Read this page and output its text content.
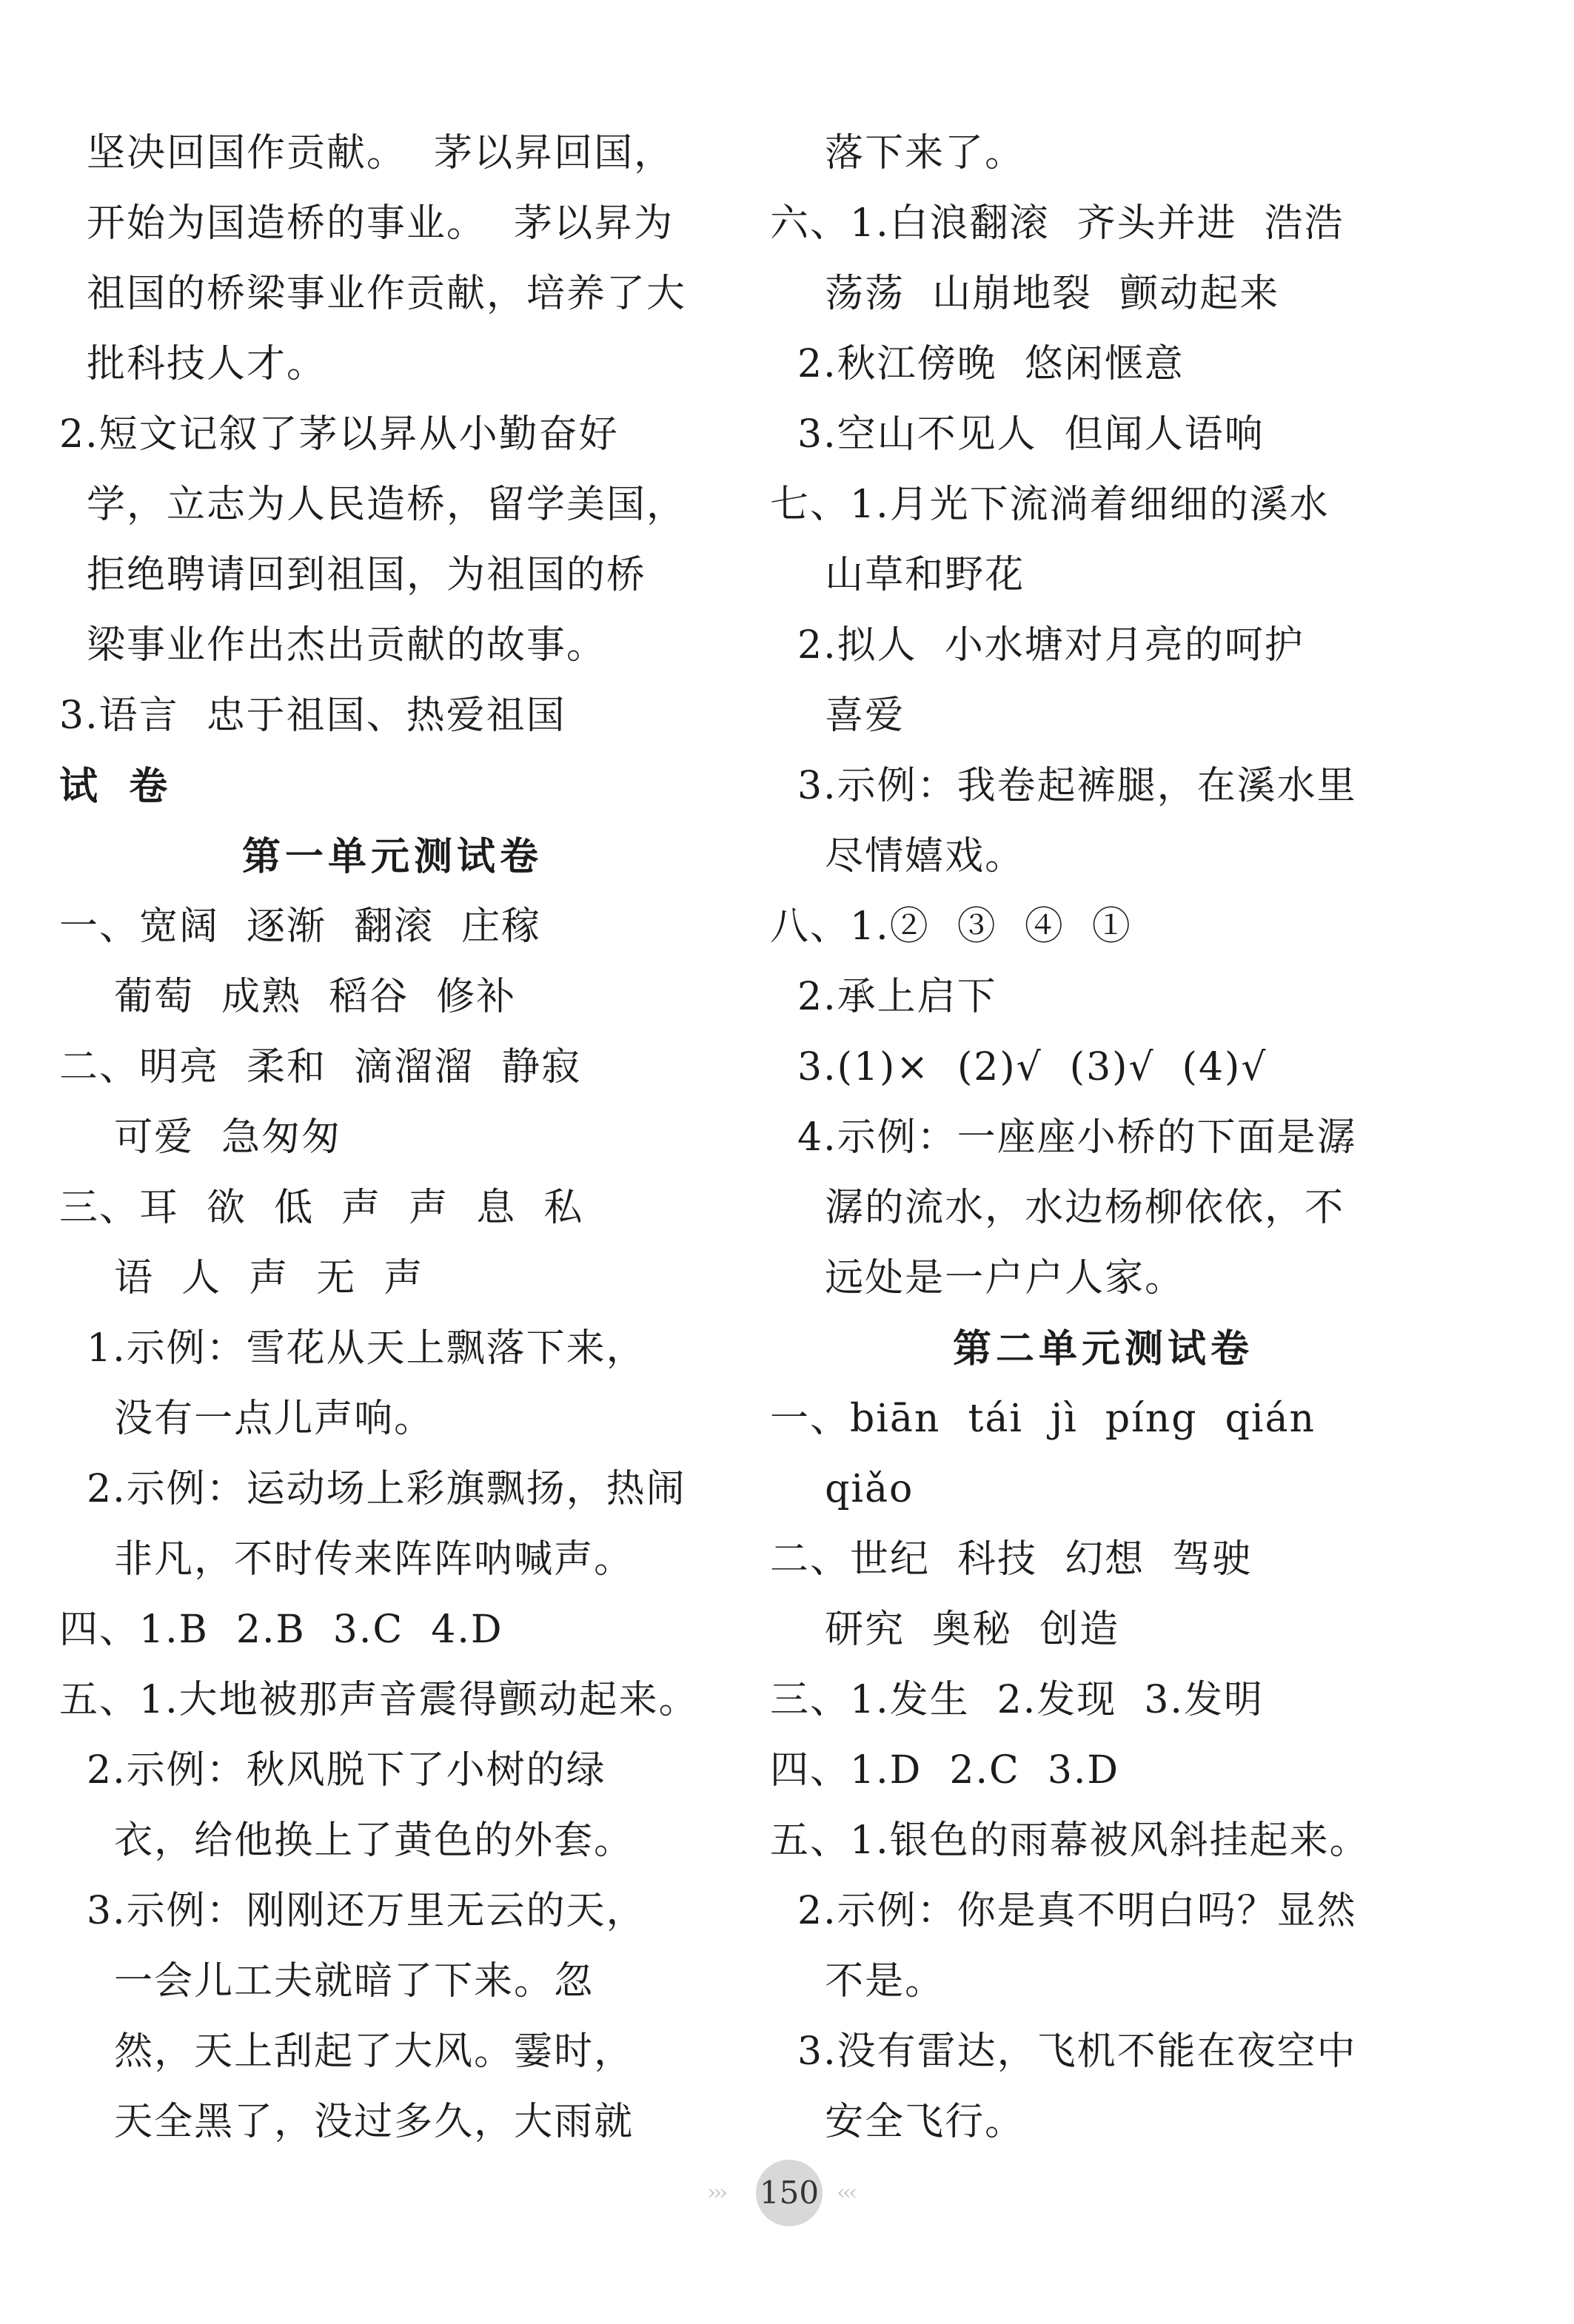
坚决回国作贡献。  茅以昇回国，
开始为国造桥的事业。  茅以昇为
祖国的桥梁事业作贡献，培养了大
批科技人才。
2.短文记叙了茅以昇从小勤奋好
学，立志为人民造桥，留学美国，
拒绝聘请回到祖国，为祖国的桥
梁事业作出杰出贡献的故事。
3.语言  忠于祖国、热爱祖国
试  卷
第一单元测试卷
一、宽阔  逐渐  翻滚  庄稼
葡萄  成熟  稻谷  修补
二、明亮  柔和  滴溜溜  静寂
可爱  急匆匆
三、耳  欲  低  声  声  息  私
语  人  声  无  声
1.示例：雪花从天上飘落下来，
没有一点儿声响。
2.示例：运动场上彩旗飘扬，热闹
非凡，不时传来阵阵呐喊声。
四、1.B  2.B  3.C  4.D
五、1.大地被那声音震得颤动起来。
2.示例：秋风脱下了小树的绿
衣，给他换上了黄色的外套。
3.示例：刚刚还万里无云的天，
一会儿工夫就暗了下来。忽
然，天上刮起了大风。霎时，
天全黑了，没过多久，大雨就
落下来了。
六、1.白浪翻滚  齐头并进  浩浩
荡荡  山崩地裂  颤动起来
2.秋江傍晚  悠闲惬意
3.空山不见人  但闻人语响
七、1.月光下流淌着细细的溪水
山草和野花
2.拟人  小水塘对月亮的呵护
喜爱
3.示例：我卷起裤腿，在溪水里
尽情嬉戏。
八、1.②  ③  ④  ①
2.承上启下
3.(1)×  (2)√  (3)√  (4)√
4.示例：一座座小桥的下面是潺
潺的流水，水边杨柳依依，不
远处是一户户人家。
第二单元测试卷
一、biān  tái  jì  píng  qián
qiǎo
二、世纪  科技  幻想  驾驶
研究  奥秘  创造
三、1.发生  2.发现  3.发明
四、1.D  2.C  3.D
五、1.银色的雨幕被风斜挂起来。
2.示例：你是真不明白吗？显然
不是。
3.没有雷达，飞机不能在夜空中
安全飞行。
››› 150 ‹‹‹
